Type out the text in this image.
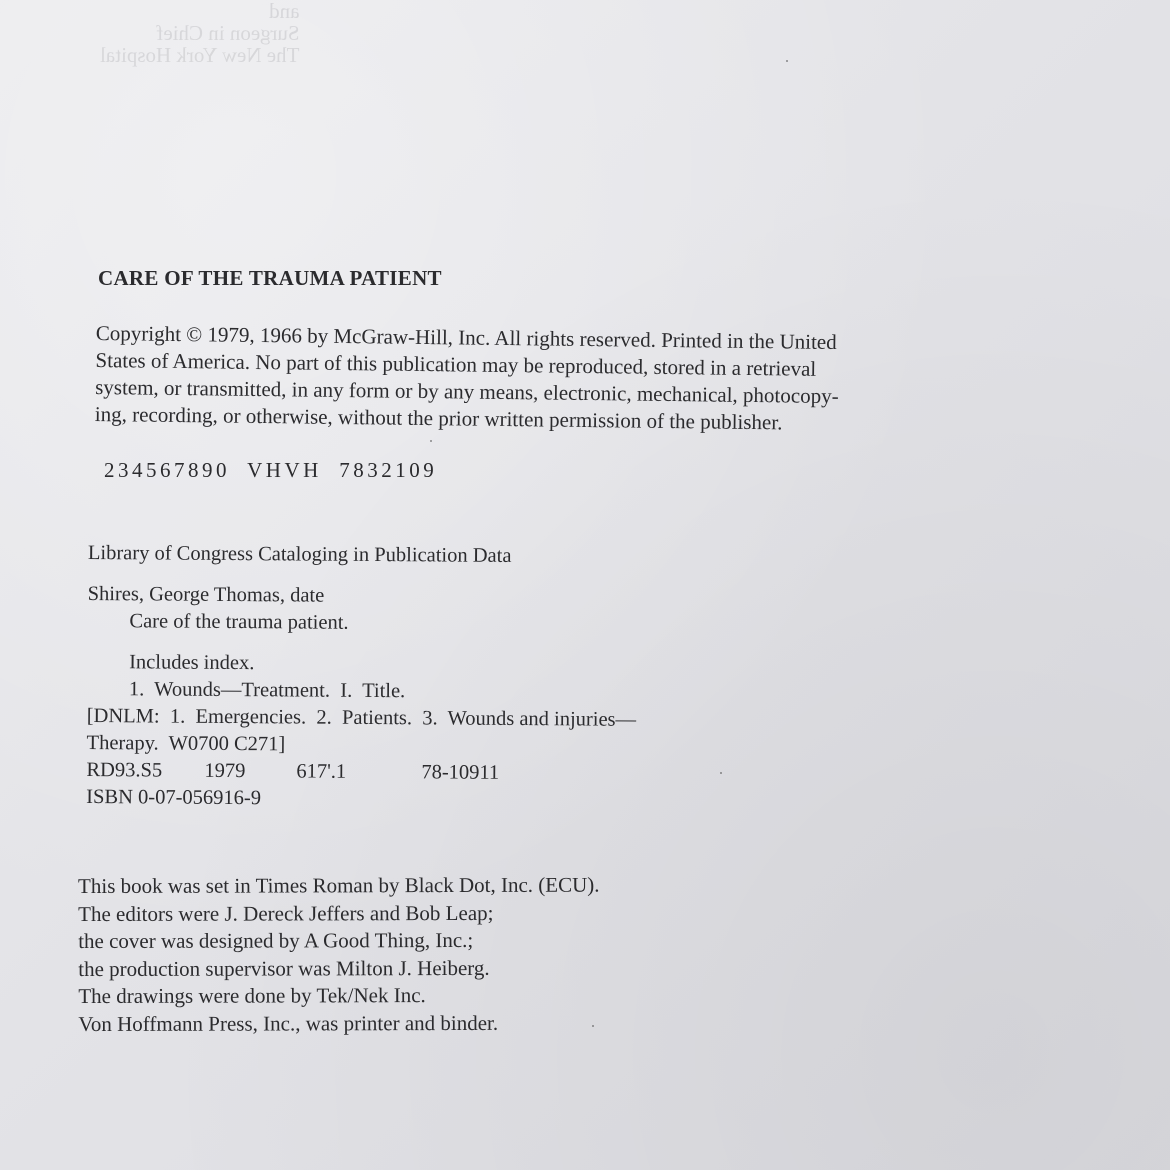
and
Surgeon in Chief
The New York Hospital
CARE OF THE TRAUMA PATIENT
Copyright © 1979, 1966 by McGraw-Hill, Inc. All rights reserved. Printed in the United
States of America. No part of this publication may be reproduced, stored in a retrieval
system, or transmitted, in any form or by any means, electronic, mechanical, photocopy-
ing, recording, or otherwise, without the prior written permission of the publisher.
234567890  VHVH  7832109
Library of Congress Cataloging in Publication Data
Shires, George Thomas, date
Care of the trauma patient.
Includes index.
1.  Wounds—Treatment.  I.  Title.
[DNLM:  1.  Emergencies.  2.  Patients.  3.  Wounds and injuries—
Therapy.  W0700 C271]
RD93.S5 1979 617'.1	78-10911
ISBN 0-07-056916-9
This book was set in Times Roman by Black Dot, Inc. (ECU).
The editors were J. Dereck Jeffers and Bob Leap;
the cover was designed by A Good Thing, Inc.;
the production supervisor was Milton J. Heiberg.
The drawings were done by Tek/Nek Inc.
Von Hoffmann Press, Inc., was printer and binder.
